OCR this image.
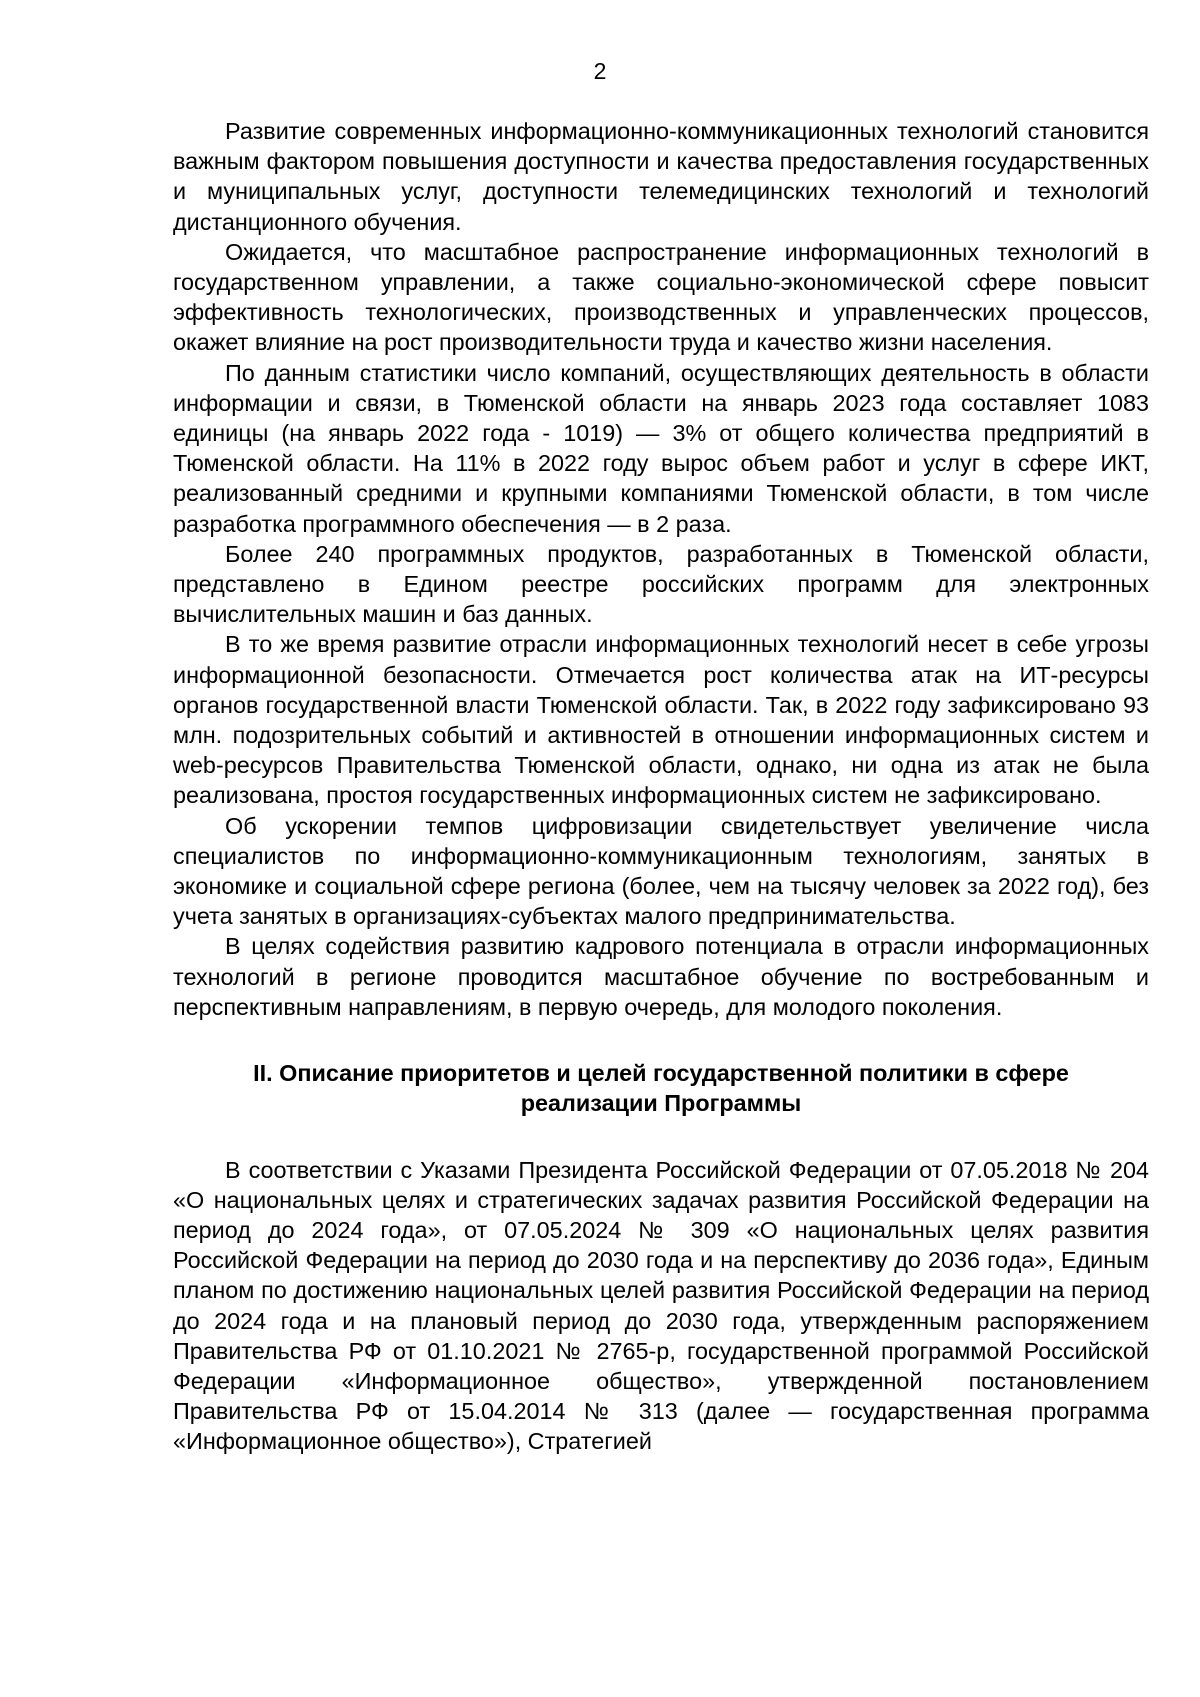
2

Развитие современных информационно-коммуникационных технологий становится важным фактором повышения доступности и качества предоставления государственных и муниципальных услуг, доступности телемедицинских технологий и технологий дистанционного обучения.

Ожидается, что масштабное распространение информационных технологий в государственном управлении, а также социально-экономической сфере повысит эффективность технологических, производственных и управленческих процессов, окажет влияние на рост производительности труда и качество жизни населения.

По данным статистики число компаний, осуществляющих деятельность в области информации и связи, в Тюменской области на январь 2023 года составляет 1083 единицы (на январь 2022 года - 1019) — 3% от общего количества предприятий в Тюменской области. На 11% в 2022 году вырос объем работ и услуг в сфере ИКТ, реализованный средними и крупными компаниями Тюменской области, в том числе разработка программного обеспечения — в 2 раза.

Более 240 программных продуктов, разработанных в Тюменской области, представлено в Едином реестре российских программ для электронных вычислительных машин и баз данных.

В то же время развитие отрасли информационных технологий несет в себе угрозы информационной безопасности. Отмечается рост количества атак на ИТ-ресурсы органов государственной власти Тюменской области. Так, в 2022 году зафиксировано 93 млн. подозрительных событий и активностей в отношении информационных систем и web-ресурсов Правительства Тюменской области, однако, ни одна из атак не была реализована, простоя государственных информационных систем не зафиксировано.

Об ускорении темпов цифровизации свидетельствует увеличение числа специалистов по информационно-коммуникационным технологиям, занятых в экономике и социальной сфере региона (более, чем на тысячу человек за 2022 год), без учета занятых в организациях-субъектах малого предпринимательства.

В целях содействия развитию кадрового потенциала в отрасли информационных технологий в регионе проводится масштабное обучение по востребованным и перспективным направлениям, в первую очередь, для молодого поколения.

II. Описание приоритетов и целей государственной политики в сфере
реализации Программы

В соответствии с Указами Президента Российской Федерации от 07.05.2018 № 204 «О национальных целях и стратегических задачах развития Российской Федерации на период до 2024 года», от 07.05.2024 № 309 «О национальных целях развития Российской Федерации на период до 2030 года и на перспективу до 2036 года», Единым планом по достижению национальных целей развития Российской Федерации на период до 2024 года и на плановый период до 2030 года, утвержденным распоряжением Правительства РФ от 01.10.2021 № 2765-р, государственной программой Российской Федерации «Информационное общество», утвержденной постановлением Правительства РФ от 15.04.2014 № 313 (далее — государственная программа «Информационное общество»), Стратегией
